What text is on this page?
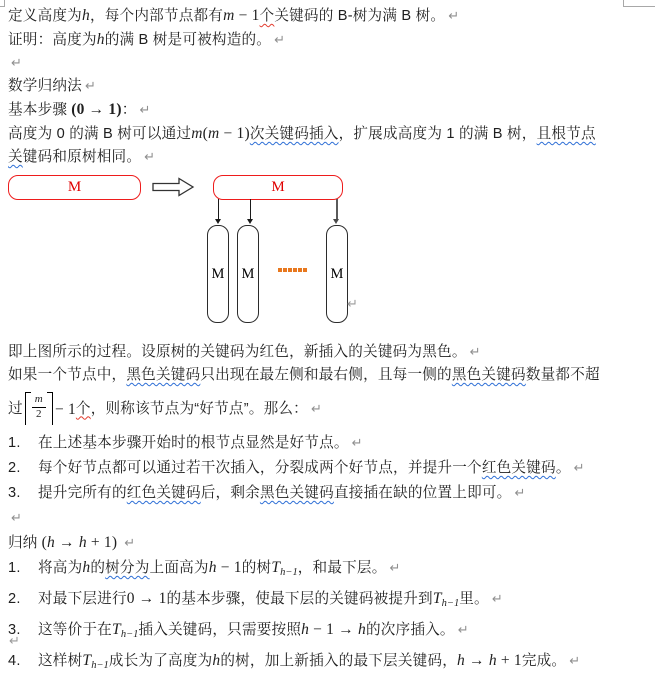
定义高度为h，每个内部节点都有m − 1个关键码的 B-树为满 B 树。 ↵
证明：高度为h的满 B 树是可被构造的。 ↵
↵
数学归纳法 ↵
基本步骤 (0 → 1)： ↵
高度为 0 的满 B 树可以通过m(m − 1)次关键码插入，扩展成高度为 1 的满 B 树，且根节点
关键码和原树相同。 ↵
M	M
M M	M
↵
即上图所示的过程。设原树的关键码为红色，新插入的关键码为黑色。 ↵
如果一个节点中，黑色关键码只出现在最左侧和最右侧，且每一侧的黑色关键码数量都不超
过 $\frac{m}{2} - 1$ 个 ，则称该节点为“好节点”。那么： ↵
1. 在上述基本步骤开始时的根节点显然是好节点。 ↵
2. 每个好节点都可以通过若干次插入，分裂成两个好节点，并提升一个红色关键码。 ↵
3. 提升完所有的红色关键码后，剩余黑色关键码直接插在缺的位置上即可。 ↵
↵
归纳 (h → h + 1) ↵
1. 将高为h的树分为上面高为h − 1的树$T_{h-1}$，和最下层。 ↵
2. 对最下层进行0 → 1的基本步骤，使最下层的关键码被提升到$T_{h-1}$里。 ↵
3. 这等价于在$T_{h-1}$插入关键码，只需要按照h − 1 → h的次序插入。 ↵
4. 这样树$T_{h-1}$成长为了高度为h的树，加上新插入的最下层关键码，h → h + 1完成。 ↵
↵
